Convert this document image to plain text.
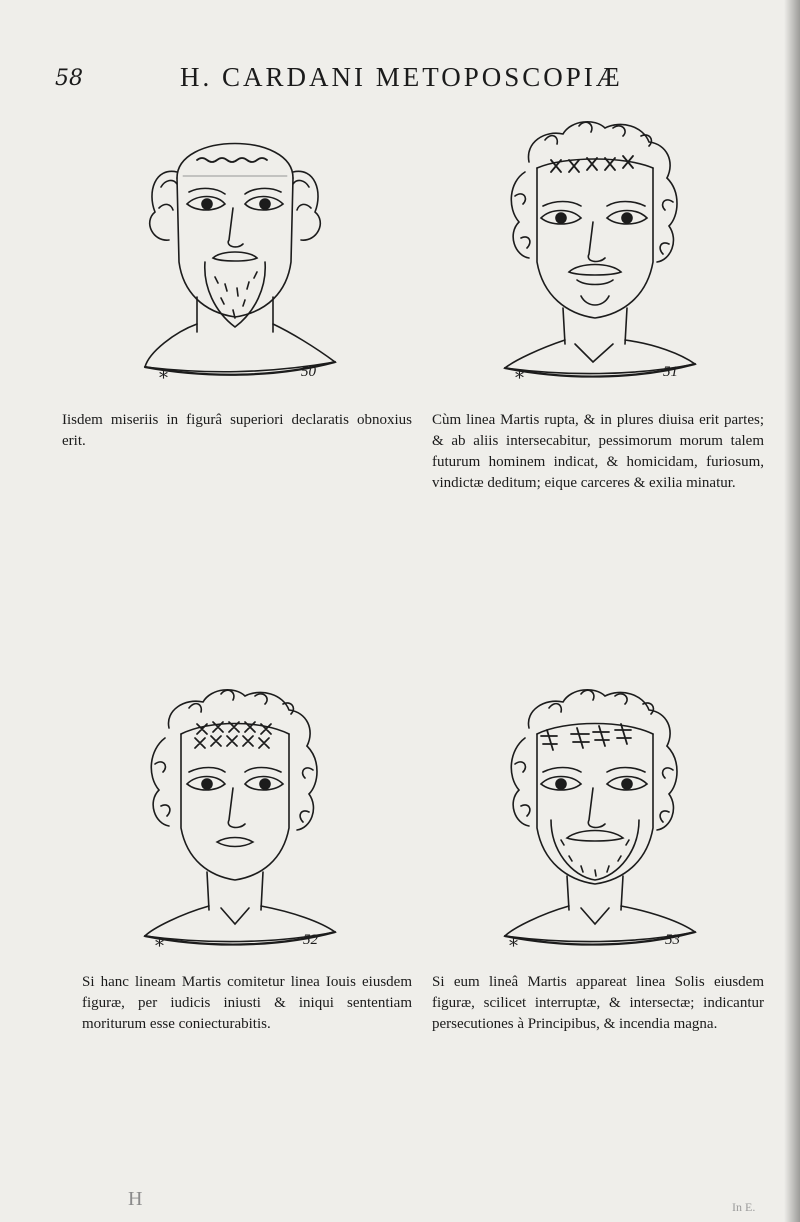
58	H. CARDANI METOPOSCOPIÆ
*	50	*	51

Iisdem miseriis in figurâ superiori declaratis obnoxius erit.

Cùm linea Martis rupta, & in plures diuisa erit partes; & ab aliis intersecabitur, pessimorum morum talem futurum hominem indicat, & homicidam, furiosum, vindictæ deditum; eique carceres & exilia minatur.

*	52	*	53

Si hanc lineam Martis comitetur linea Iouis eiusdem figuræ, per iudicis iniusti & iniqui sententiam moriturum esse coniecturabitis.

Si eum lineâ Martis appareat linea Solis eiusdem figuræ, scilicet interruptæ, & intersectæ; indicantur persecutiones à Principibus, & incendia magna.

H	In E.
